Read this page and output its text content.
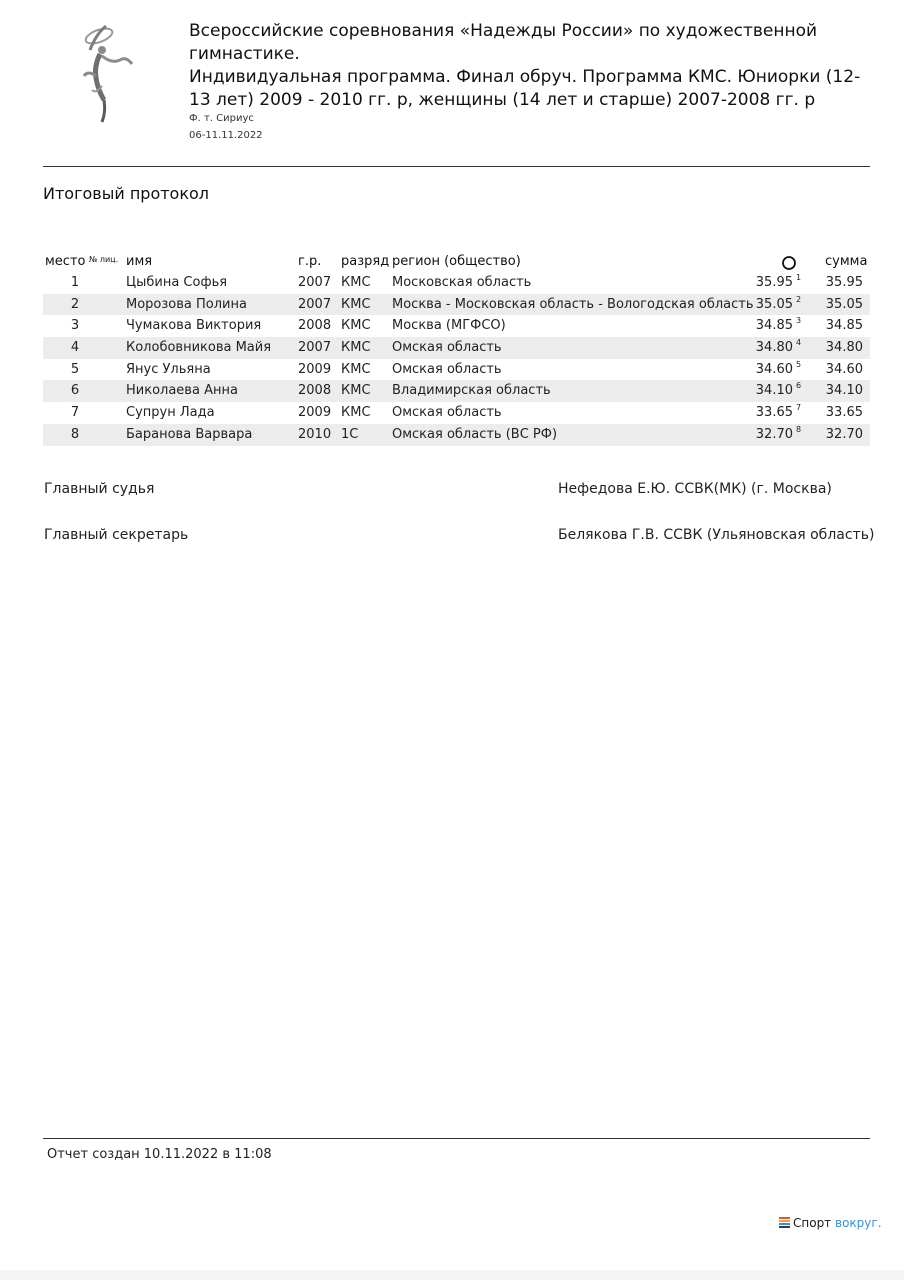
Всероссийские соревнования «Надежды России» по художественной гимнастике.
Индивидуальная программа. Финал обруч. Программа КМС. Юниорки (12-13 лет) 2009 - 2010 гг. р, женщины (14 лет и старше) 2007-2008 гг. р
Ф. т. Сириус
06-11.11.2022
Итоговый протокол
место № лиц. имя	г.р. разряд регион (общество)	сумма
1	Цыбина Софья	2007 КМС Московская область	35.95 1	35.95
2	Морозова Полина	2007 КМС Москва - Московская область - Вологодская область 35.05 2	35.05
3	Чумакова Виктория	2008 КМС Москва (МГФСО)	34.85 3	34.85
4	Колобовникова Майя 2007 КМС Омская область	34.80 4	34.80
5	Янус Ульяна	2009 КМС Омская область	34.60 5	34.60
6	Николаева Анна	2008 КМС Владимирская область	34.10 6	34.10
7	Супрун Лада	2009 КМС Омская область	33.65 7	33.65
8	Баранова Варвара	2010 1С	Омская область (ВС РФ)	32.70 8	32.70
Главный судья	Нефедова Е.Ю. ССВК(МК) (г. Москва)
Главный секретарь	Белякова Г.В. ССВК (Ульяновская область)
Отчет создан 10.11.2022 в 11:08
Спорт вокруг.
